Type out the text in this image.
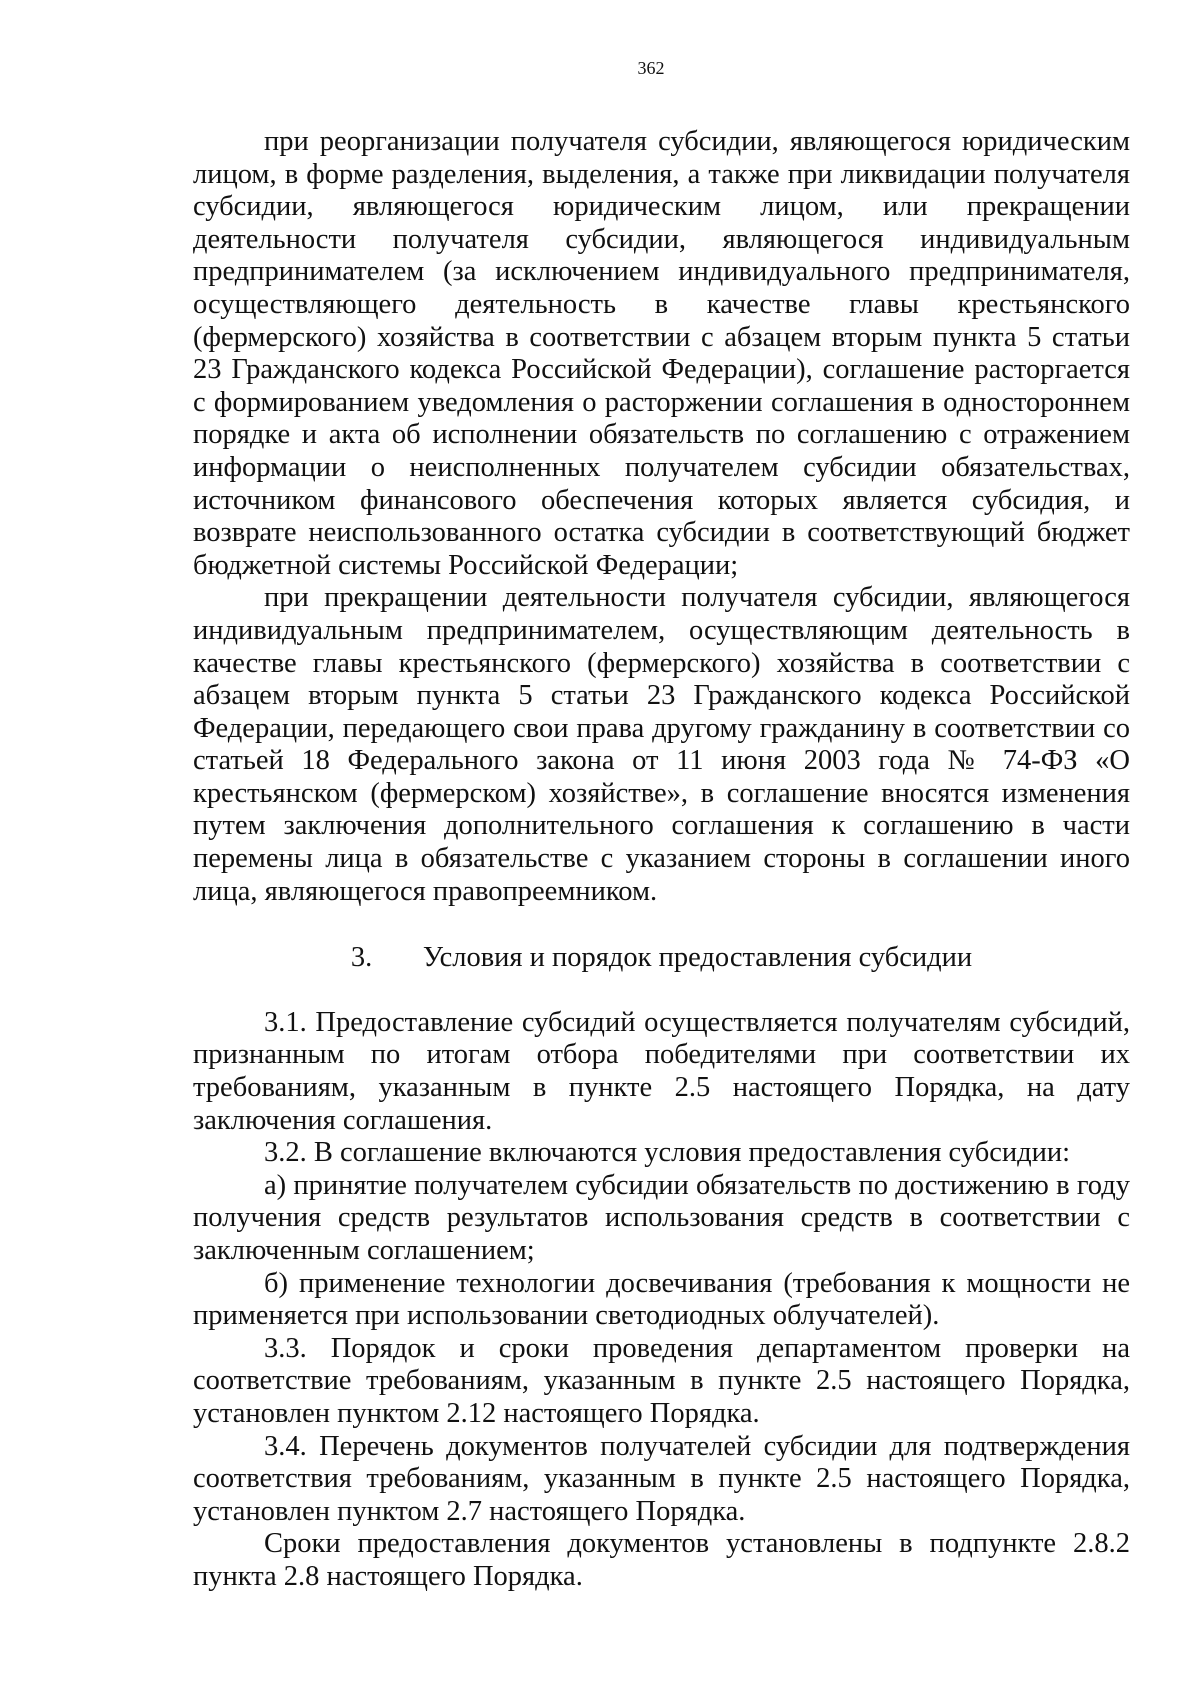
362

при реорганизации получателя субсидии, являющегося юридическим лицом, в форме разделения, выделения, а также при ликвидации получателя субсидии, являющегося юридическим лицом, или прекращении деятельности получателя субсидии, являющегося индивидуальным предпринимателем (за исключением индивидуального предпринимателя, осуществляющего деятельность в качестве главы крестьянского (фермерского) хозяйства в соответствии с абзацем вторым пункта 5 статьи 23 Гражданского кодекса Российской Федерации), соглашение расторгается с формированием уведомления о расторжении соглашения в одностороннем порядке и акта об исполнении обязательств по соглашению с отражением информации о неисполненных получателем субсидии обязательствах, источником финансового обеспечения которых является субсидия, и возврате неиспользованного остатка субсидии в соответствующий бюджет бюджетной системы Российской Федерации;

при прекращении деятельности получателя субсидии, являющегося индивидуальным предпринимателем, осуществляющим деятельность в качестве главы крестьянского (фермерского) хозяйства в соответствии с абзацем вторым пункта 5 статьи 23 Гражданского кодекса Российской Федерации, передающего свои права другому гражданину в соответствии со статьей 18 Федерального закона от 11 июня 2003 года № 74-ФЗ «О крестьянском (фермерском) хозяйстве», в соглашение вносятся изменения путем заключения дополнительного соглашения к соглашению в части перемены лица в обязательстве с указанием стороны в соглашении иного лица, являющегося правопреемником.

3.	Условия и порядок предоставления субсидии

3.1. Предоставление субсидий осуществляется получателям субсидий, признанным по итогам отбора победителями при соответствии их требованиям, указанным в пункте 2.5 настоящего Порядка, на дату заключения соглашения.

3.2. В соглашение включаются условия предоставления субсидии:

а) принятие получателем субсидии обязательств по достижению в году получения средств результатов использования средств в соответствии с заключенным соглашением;

б) применение технологии досвечивания (требования к мощности не применяется при использовании светодиодных облучателей).

3.3. Порядок и сроки проведения департаментом проверки на соответствие требованиям, указанным в пункте 2.5 настоящего Порядка, установлен пунктом 2.12 настоящего Порядка.

3.4. Перечень документов получателей субсидии для подтверждения соответствия требованиям, указанным в пункте 2.5 настоящего Порядка, установлен пунктом 2.7 настоящего Порядка.

Сроки предоставления документов установлены в подпункте 2.8.2 пункта 2.8 настоящего Порядка.
